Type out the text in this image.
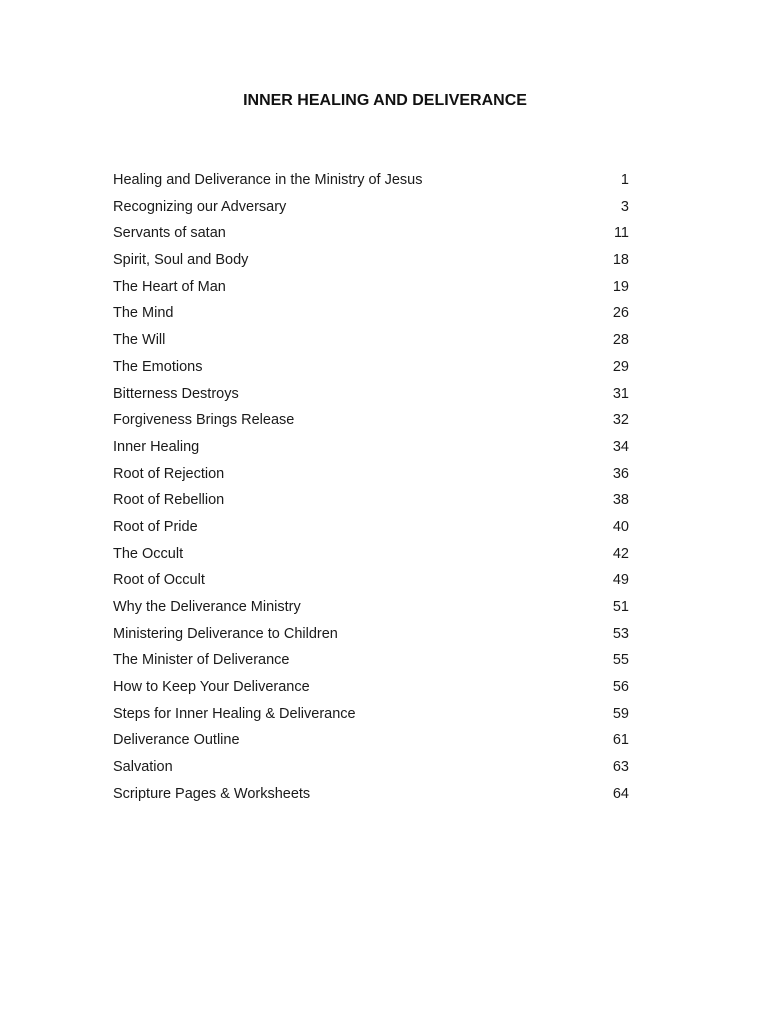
INNER HEALING AND DELIVERANCE
Healing and Deliverance in the Ministry of Jesus	1
Recognizing our Adversary	3
Servants of satan	11
Spirit, Soul and Body	18
The Heart of Man	19
The Mind	26
The Will	28
The Emotions	29
Bitterness Destroys	31
Forgiveness Brings Release	32
Inner Healing	34
Root of Rejection	36
Root of Rebellion	38
Root of Pride	40
The Occult	42
Root of Occult	49
Why the Deliverance Ministry	51
Ministering Deliverance to Children	53
The Minister of Deliverance	55
How to Keep Your Deliverance	56
Steps for Inner Healing & Deliverance	59
Deliverance Outline	61
Salvation	63
Scripture Pages & Worksheets	64
